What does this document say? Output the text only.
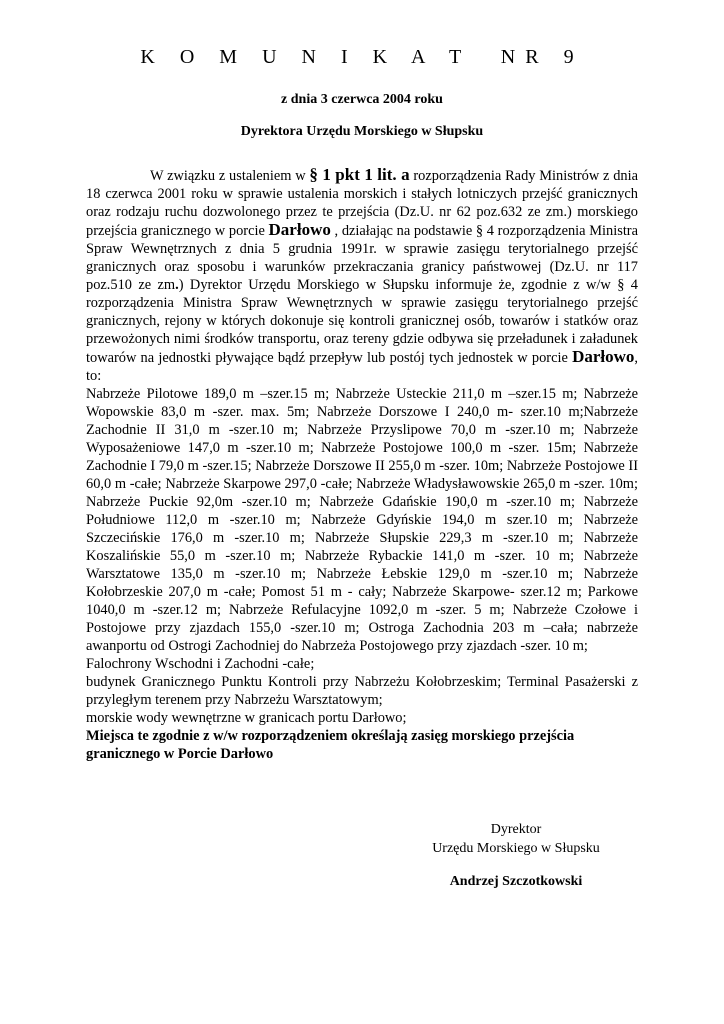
K O M U N I K A T  NR 9
z dnia 3 czerwca 2004 roku
Dyrektora Urzędu Morskiego w Słupsku

W związku z ustaleniem w § 1 pkt 1 lit. a rozporządzenia Rady Ministrów z dnia 18 czerwca 2001 roku w sprawie ustalenia morskich i stałych lotniczych przejść granicznych oraz rodzaju ruchu dozwolonego przez te przejścia (Dz.U. nr 62 poz.632 ze zm.) morskiego przejścia granicznego w porcie Darłowo , działając na podstawie § 4 rozporządzenia Ministra Spraw Wewnętrznych z dnia 5 grudnia 1991r. w sprawie zasięgu terytorialnego przejść granicznych oraz sposobu i warunków przekraczania granicy państwowej (Dz.U. nr 117 poz.510 ze zm.) Dyrektor Urzędu Morskiego w Słupsku informuje że, zgodnie z w/w § 4 rozporządzenia Ministra Spraw Wewnętrznych w sprawie zasięgu terytorialnego przejść granicznych, rejony w których dokonuje się kontroli granicznej osób, towarów i statków oraz przewożonych nimi środków transportu, oraz tereny gdzie odbywa się przeładunek i załadunek towarów na jednostki pływające bądź przepływ lub postój tych jednostek w porcie Darłowo, to:

Nabrzeże Pilotowe 189,0 m –szer.15 m; Nabrzeże Usteckie 211,0 m –szer.15 m; Nabrzeże Wopowskie 83,0 m -szer. max. 5m; Nabrzeże Dorszowe I 240,0 m- szer.10 m;Nabrzeże Zachodnie II 31,0 m -szer.10 m; Nabrzeże Przyslipowe 70,0 m -szer.10 m; Nabrzeże Wyposażeniowe 147,0 m -szer.10 m; Nabrzeże Postojowe 100,0 m -szer. 15m; Nabrzeże Zachodnie I 79,0 m -szer.15; Nabrzeże Dorszowe II 255,0 m -szer. 10m; Nabrzeże Postojowe II 60,0 m -całe; Nabrzeże Skarpowe 297,0 -całe; Nabrzeże Władysławowskie 265,0 m -szer. 10m; Nabrzeże Puckie 92,0m -szer.10 m; Nabrzeże Gdańskie 190,0 m -szer.10 m; Nabrzeże Południowe 112,0 m -szer.10 m; Nabrzeże Gdyńskie 194,0 m szer.10 m; Nabrzeże Szczecińskie 176,0 m -szer.10 m; Nabrzeże Słupskie 229,3 m -szer.10 m; Nabrzeże Koszalińskie 55,0 m -szer.10 m; Nabrzeże Rybackie 141,0 m -szer. 10 m; Nabrzeże Warsztatowe 135,0 m -szer.10 m; Nabrzeże Łebskie 129,0 m -szer.10 m; Nabrzeże Kołobrzeskie 207,0 m -całe; Pomost 51 m - cały; Nabrzeże Skarpowe- szer.12 m; Parkowe 1040,0 m -szer.12 m; Nabrzeże Refulacyjne 1092,0 m -szer. 5 m; Nabrzeże Czołowe i Postojowe przy zjazdach 155,0 -szer.10 m; Ostroga Zachodnia 203 m –cała; nabrzeże awanportu od Ostrogi Zachodniej do Nabrzeża Postojowego przy zjazdach -szer. 10 m;

Falochrony Wschodni i Zachodni -całe;

budynek Granicznego Punktu Kontroli przy Nabrzeżu Kołobrzeskim; Terminal Pasażerski z przyległym terenem przy Nabrzeżu Warsztatowym;

morskie wody wewnętrzne w granicach portu Darłowo;

Miejsca te zgodnie z w/w rozporządzeniem określają zasięg morskiego przejścia granicznego w Porcie Darłowo

Dyrektor
Urzędu Morskiego w Słupsku
Andrzej Szczotkowski
